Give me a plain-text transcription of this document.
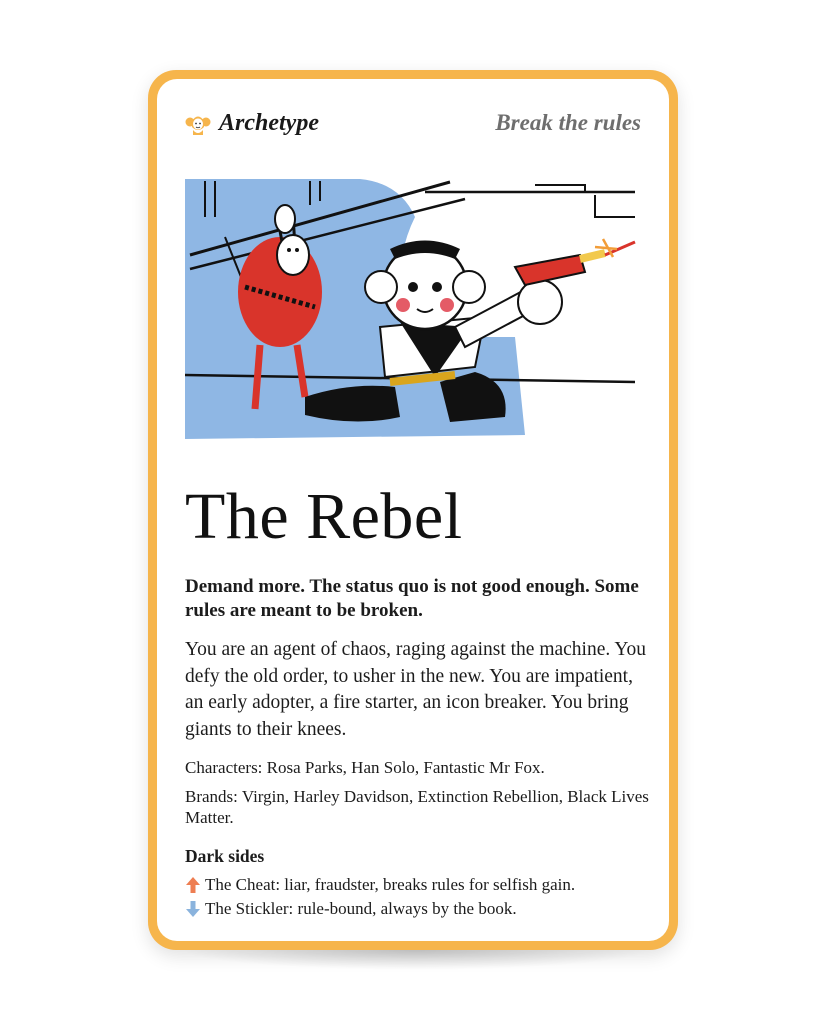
Archetype	Break the rules
The Rebel

Demand more. The status quo is not good enough. Some rules are meant to be broken.

You are an agent of chaos, raging against the machine. You defy the old order, to usher in the new. You are impatient, an early adopter, a fire starter, an icon breaker. You bring giants to their knees.

Characters: Rosa Parks, Han Solo, Fantastic Mr Fox.

Brands: Virgin, Harley Davidson, Extinction Rebellion, Black Lives Matter.

Dark sides
The Cheat: liar, fraudster, breaks rules for selfish gain.
The Stickler: rule-bound, always by the book.
